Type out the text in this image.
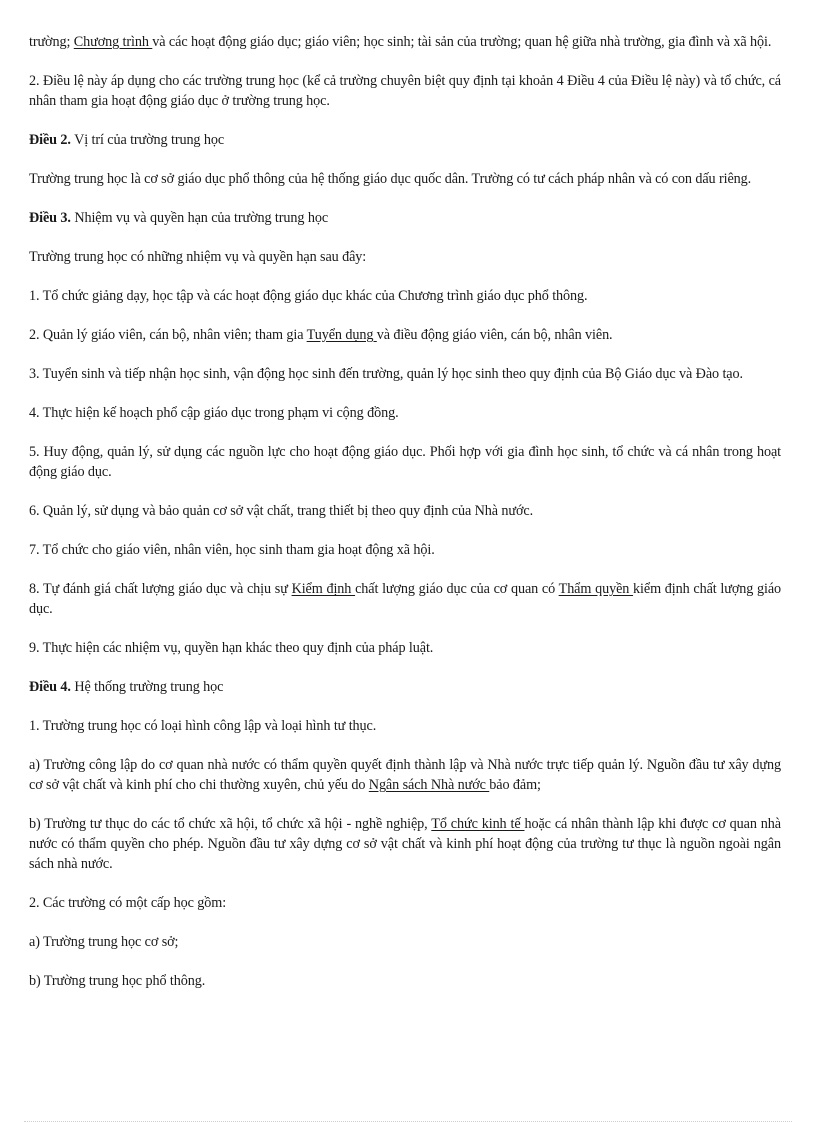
trường; Chương trình và các hoạt động giáo dục; giáo viên; học sinh; tài sản của trường; quan hệ giữa nhà trường, gia đình và xã hội.

2. Điều lệ này áp dụng cho các trường trung học (kể cả trường chuyên biệt quy định tại khoản 4 Điều 4 của Điều lệ này) và tổ chức, cá nhân tham gia hoạt động giáo dục ở trường trung học.

Điều 2. Vị trí của trường trung học

Trường trung học là cơ sở giáo dục phổ thông của hệ thống giáo dục quốc dân. Trường có tư cách pháp nhân và có con dấu riêng.

Điều 3. Nhiệm vụ và quyền hạn của trường trung học

Trường trung học có những nhiệm vụ và quyền hạn sau đây:

1. Tổ chức giảng dạy, học tập và các hoạt động giáo dục khác của Chương trình giáo dục phổ thông.

2. Quản lý giáo viên, cán bộ, nhân viên; tham gia Tuyển dụng và điều động giáo viên, cán bộ, nhân viên.

3. Tuyển sinh và tiếp nhận học sinh, vận động học sinh đến trường, quản lý học sinh theo quy định của Bộ Giáo dục và Đào tạo.

4. Thực hiện kế hoạch phổ cập giáo dục trong phạm vi cộng đồng.

5. Huy động, quản lý, sử dụng các nguồn lực cho hoạt động giáo dục. Phối hợp với gia đình học sinh, tổ chức và cá nhân trong hoạt động giáo dục.

6. Quản lý, sử dụng và bảo quản cơ sở vật chất, trang thiết bị theo quy định của Nhà nước.

7. Tổ chức cho giáo viên, nhân viên, học sinh tham gia hoạt động xã hội.

8. Tự đánh giá chất lượng giáo dục và chịu sự Kiểm định chất lượng giáo dục của cơ quan có Thẩm quyền kiểm định chất lượng giáo dục.

9. Thực hiện các nhiệm vụ, quyền hạn khác theo quy định của pháp luật.

Điều 4. Hệ thống trường trung học

1. Trường trung học có loại hình công lập và loại hình tư thục.

a) Trường công lập do cơ quan nhà nước có thẩm quyền quyết định thành lập và Nhà nước trực tiếp quản lý. Nguồn đầu tư xây dựng cơ sở vật chất và kinh phí cho chi thường xuyên, chủ yếu do Ngân sách Nhà nước bảo đảm;

b) Trường tư thục do các tổ chức xã hội, tổ chức xã hội - nghề nghiệp, Tổ chức kinh tế hoặc cá nhân thành lập khi được cơ quan nhà nước có thẩm quyền cho phép. Nguồn đầu tư xây dựng cơ sở vật chất và kinh phí hoạt động của trường tư thục là nguồn ngoài ngân sách nhà nước.

2. Các trường có một cấp học gồm:

a) Trường trung học cơ sở;

b) Trường trung học phổ thông.
